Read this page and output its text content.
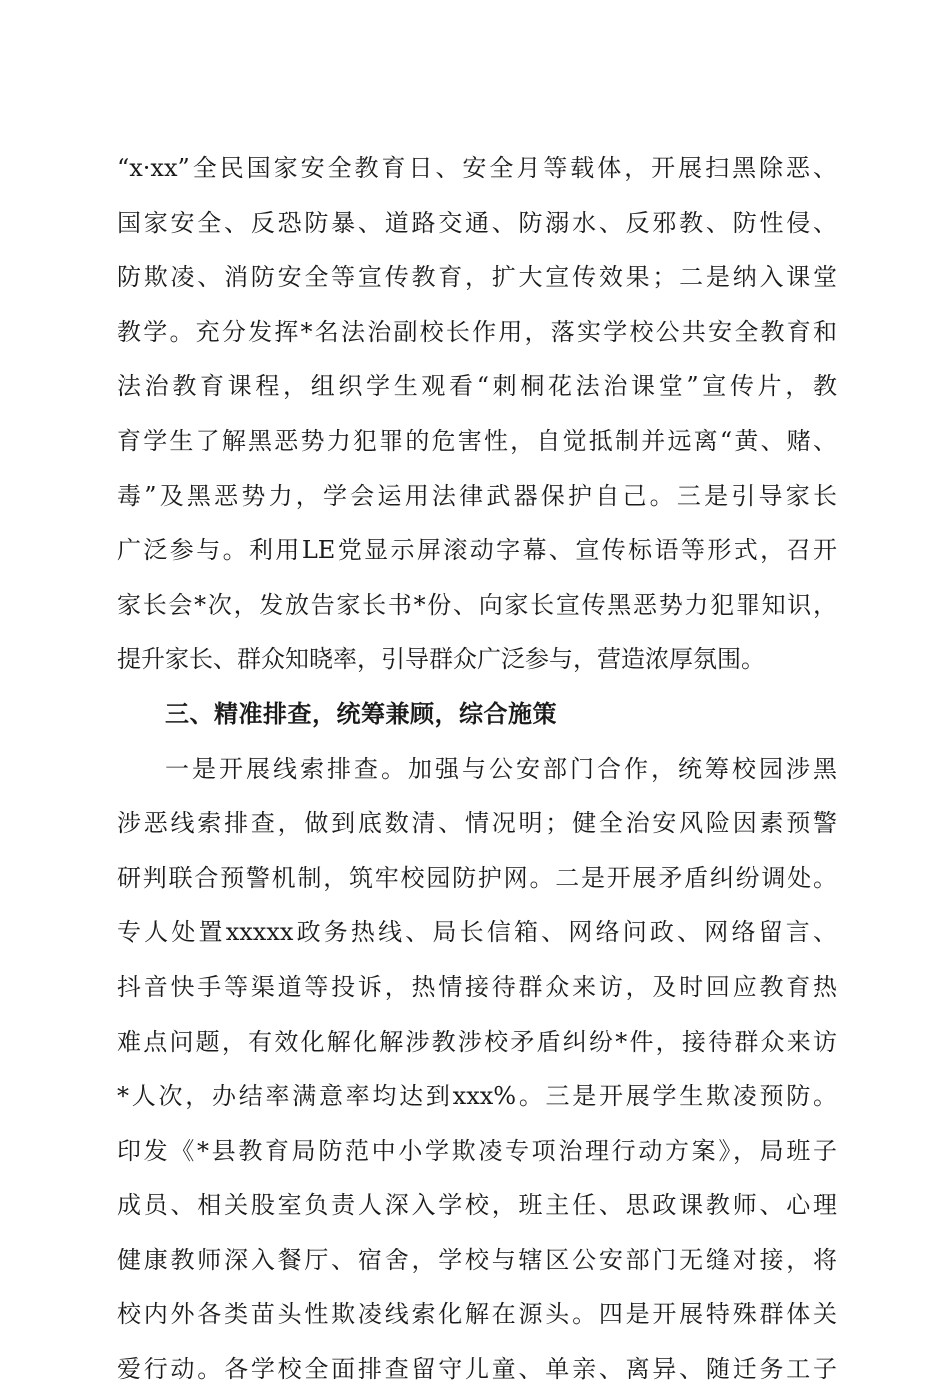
“x·xx”全民国家安全教育日、安全月等载体，开展扫黑除恶、
国家安全、反恐防暴、道路交通、防溺水、反邪教、防性侵、
防欺凌、消防安全等宣传教育，扩大宣传效果；二是纳入课堂
教学。充分发挥*名法治副校长作用，落实学校公共安全教育和
法治教育课程，组织学生观看“刺桐花法治课堂”宣传片，教
育学生了解黑恶势力犯罪的危害性，自觉抵制并远离“黄、赌、
毒”及黑恶势力，学会运用法律武器保护自己。三是引导家长
广泛参与。利用LE党显示屏滚动字幕、宣传标语等形式，召开
家长会*次，发放告家长书*份、向家长宣传黑恶势力犯罪知识，
提升家长、群众知晓率，引导群众广泛参与，营造浓厚氛围。
三、精准排查，统筹兼顾，综合施策
一是开展线索排查。加强与公安部门合作，统筹校园涉黑
涉恶线索排查，做到底数清、情况明；健全治安风险因素预警
研判联合预警机制，筑牢校园防护网。二是开展矛盾纠纷调处。
专人处置xxxxx政务热线、局长信箱、网络问政、网络留言、
抖音快手等渠道等投诉，热情接待群众来访，及时回应教育热
难点问题，有效化解化解涉教涉校矛盾纠纷*件，接待群众来访
*人次，办结率满意率均达到xxx%。三是开展学生欺凌预防。
印发《*县教育局防范中小学欺凌专项治理行动方案》，局班子
成员、相关股室负责人深入学校，班主任、思政课教师、心理
健康教师深入餐厅、宿舍，学校与辖区公安部门无缝对接，将
校内外各类苗头性欺凌线索化解在源头。四是开展特殊群体关
爱行动。各学校全面排查留守儿童、单亲、离异、随迁务工子
